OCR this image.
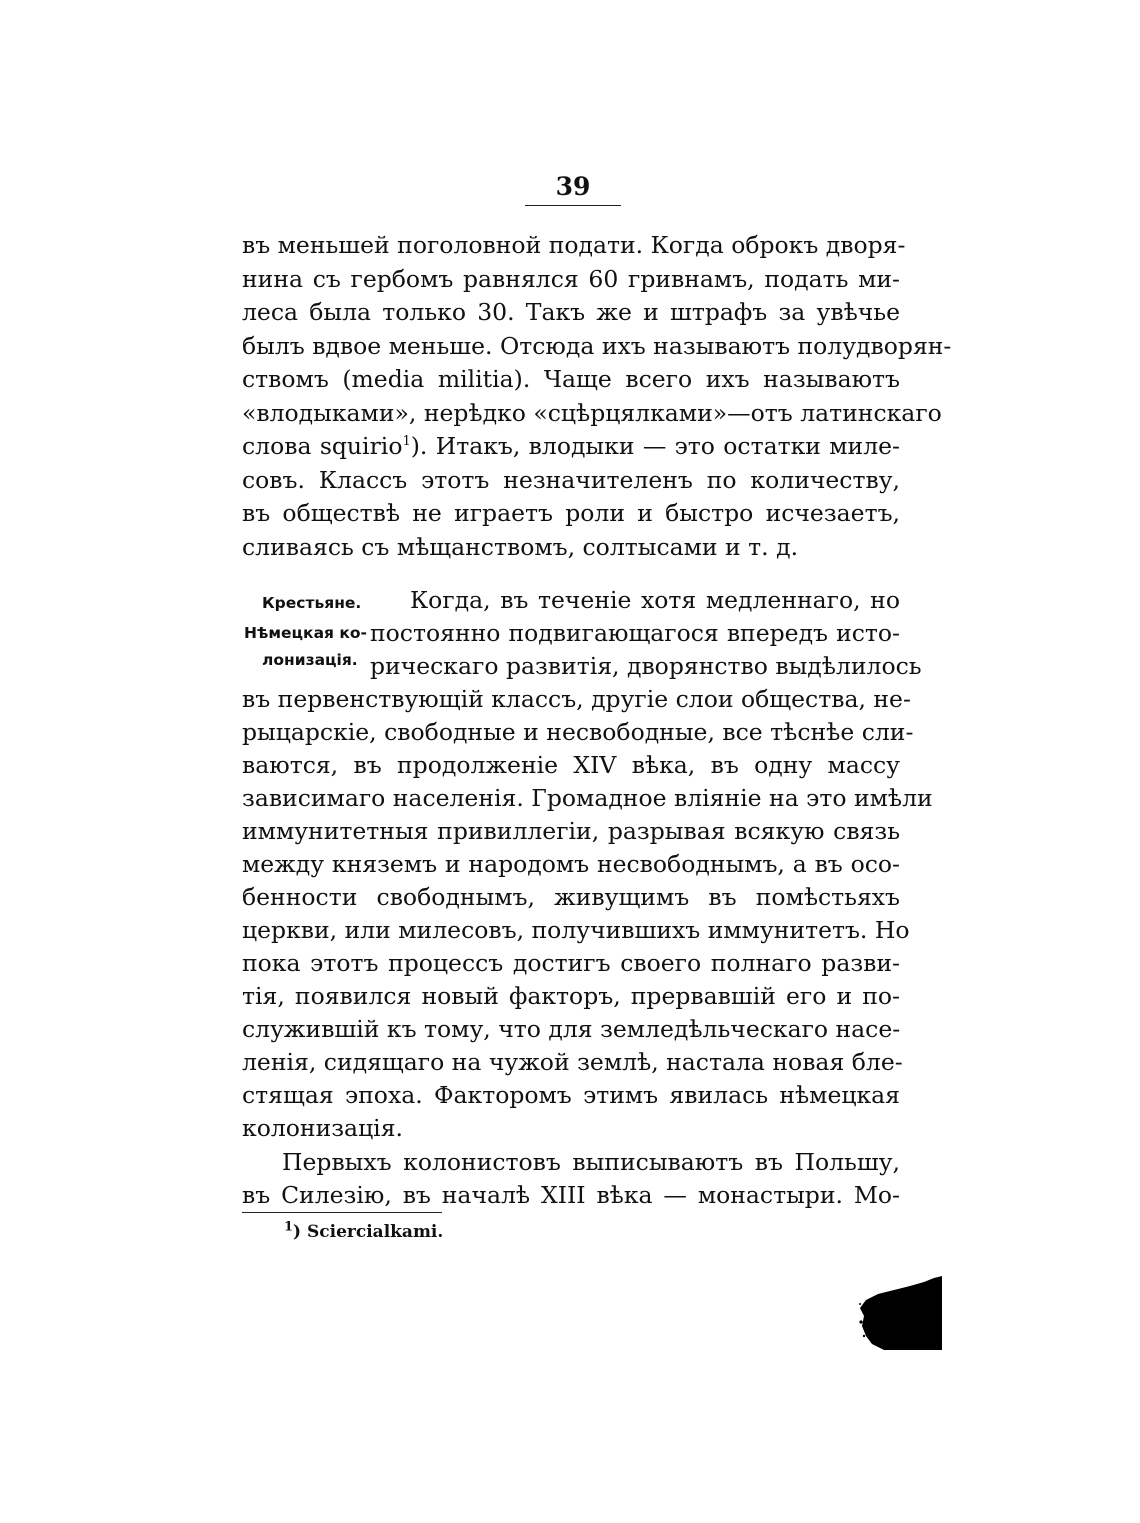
39
въ меньшей поголовной подати. Когда оброкъ дворя-
нина съ гербомъ равнялся 60 гривнамъ, подать ми-
леса была только 30. Такъ же и штрафъ за увѣчье
былъ вдвое меньше. Отсюда ихъ называютъ полудворян-
ствомъ (media militia). Чаще всего ихъ называютъ
«влодыками», нерѣдко «сцѣрцялками»—отъ латинскаго
слова squirio$^1$). Итакъ, влодыки — это остатки миле-
совъ. Классъ этотъ незначителенъ по количеству,
въ обществѣ не играетъ роли и быстро исчезаетъ,
сливаясь съ мѣщанствомъ, солтысами и т. д.
Крестьяне.
Нѣмецкая ко-
лонизація.
Когда, въ теченіе хотя медленнаго, но
постоянно подвигающагося впередъ исто-
рическаго развитія, дворянство выдѣлилось
въ первенствующій классъ, другіе слои общества, не-
рыцарскіе, свободные и несвободные, все тѣснѣе сли-
ваются, въ продолженіе XIV вѣка, въ одну массу
зависимаго населенія. Громадное вліяніе на это имѣли
иммунитетныя привиллегіи, разрывая всякую связь
между княземъ и народомъ несвободнымъ, а въ осо-
бенности свободнымъ, живущимъ въ помѣстьяхъ
церкви, или милесовъ, получившихъ иммунитетъ. Но
пока этотъ процессъ достигъ своего полнаго разви-
тія, появился новый факторъ, прервавшій его и по-
служившій къ тому, что для земледѣльческаго насе-
ленія, сидящаго на чужой землѣ, настала новая бле-
стящая эпоха. Факторомъ этимъ явилась нѣмецкая
колонизація.
Первыхъ колонистовъ выписываютъ въ Польшу,
въ Силезію, въ началѣ XIII вѣка — монастыри. Мо-
$^1$) Sciercialkami.
